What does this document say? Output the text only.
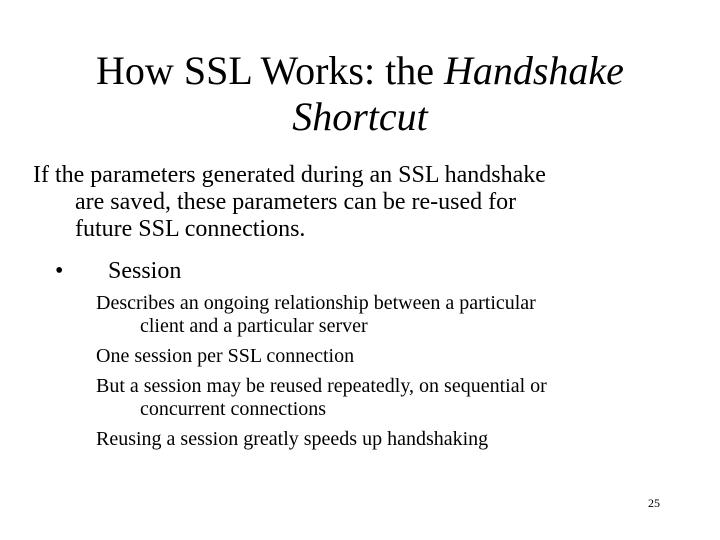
How SSL Works: the Handshake
Shortcut
If the parameters generated during an SSL handshake
are saved, these parameters can be re-used for
future SSL connections.
•	Session
Describes an ongoing relationship between a particular
client and a particular server
One session per SSL connection
But a session may be reused repeatedly, on sequential or
concurrent connections
Reusing a session greatly speeds up handshaking
25
